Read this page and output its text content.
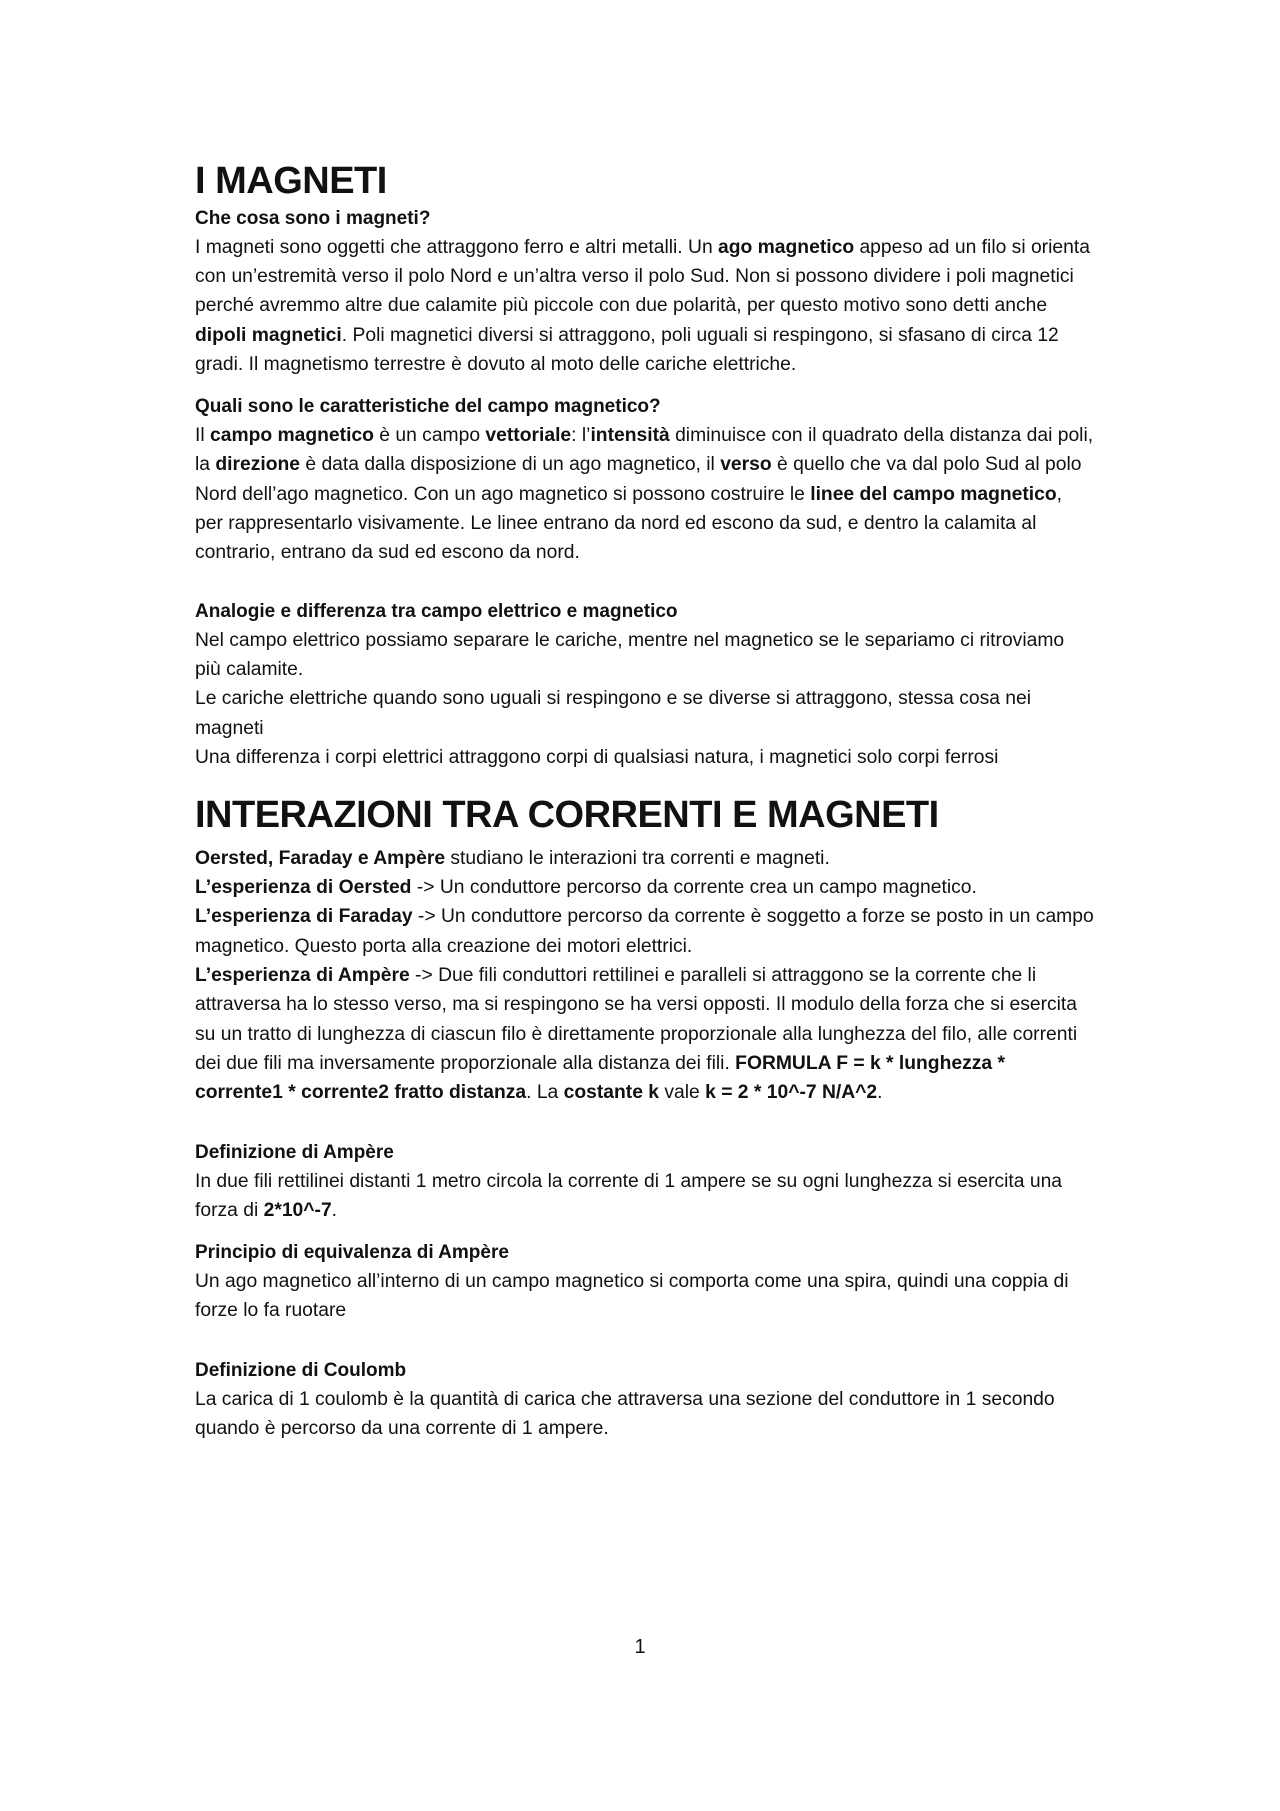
I MAGNETI
Che cosa sono i magneti?

I magneti sono oggetti che attraggono ferro e altri metalli. Un ago magnetico appeso ad un filo si orienta con un’estremità verso il polo Nord e un’altra verso il polo Sud. Non si possono dividere i poli magnetici perché avremmo altre due calamite più piccole con due polarità, per questo motivo sono detti anche dipoli magnetici. Poli magnetici diversi si attraggono, poli uguali si respingono, si sfasano di circa 12 gradi. Il magnetismo terrestre è dovuto al moto delle cariche elettriche.

Quali sono le caratteristiche del campo magnetico?

Il campo magnetico è un campo vettoriale: l’intensità diminuisce con il quadrato della distanza dai poli, la direzione è data dalla disposizione di un ago magnetico, il verso è quello che va dal polo Sud al polo Nord dell’ago magnetico. Con un ago magnetico si possono costruire le linee del campo magnetico, per rappresentarlo visivamente. Le linee entrano da nord ed escono da sud, e dentro la calamita al contrario, entrano da sud ed escono da nord.

Analogie e differenza tra campo elettrico e magnetico

Nel campo elettrico possiamo separare le cariche, mentre nel magnetico se le separiamo ci ritroviamo più calamite.

Le cariche elettriche quando sono uguali si respingono e se diverse si attraggono, stessa cosa nei magneti

Una differenza i corpi elettrici attraggono corpi di qualsiasi natura, i magnetici solo corpi ferrosi

INTERAZIONI TRA CORRENTI E MAGNETI

Oersted, Faraday e Ampère studiano le interazioni tra correnti e magneti.

L’esperienza di Oersted -> Un conduttore percorso da corrente crea un campo magnetico.

L’esperienza di Faraday -> Un conduttore percorso da corrente è soggetto a forze se posto in un campo magnetico. Questo porta alla creazione dei motori elettrici.

L’esperienza di Ampère -> Due fili conduttori rettilinei e paralleli si attraggono se la corrente che li attraversa ha lo stesso verso, ma si respingono se ha versi opposti. Il modulo della forza che si esercita su un tratto di lunghezza di ciascun filo è direttamente proporzionale alla lunghezza del filo, alle correnti dei due fili ma inversamente proporzionale alla distanza dei fili. FORMULA F = k * lunghezza * corrente1 * corrente2 fratto distanza. La costante k vale k = 2 * 10^-7 N/A^2.

Definizione di Ampère

In due fili rettilinei distanti 1 metro circola la corrente di 1 ampere se su ogni lunghezza si esercita una forza di 2*10^-7.

Principio di equivalenza di Ampère

Un ago magnetico all’interno di un campo magnetico si comporta come una spira, quindi una coppia di forze lo fa ruotare

Definizione di Coulomb

La carica di 1 coulomb è la quantità di carica che attraversa una sezione del conduttore in 1 secondo quando è percorso da una corrente di 1 ampere.

1
